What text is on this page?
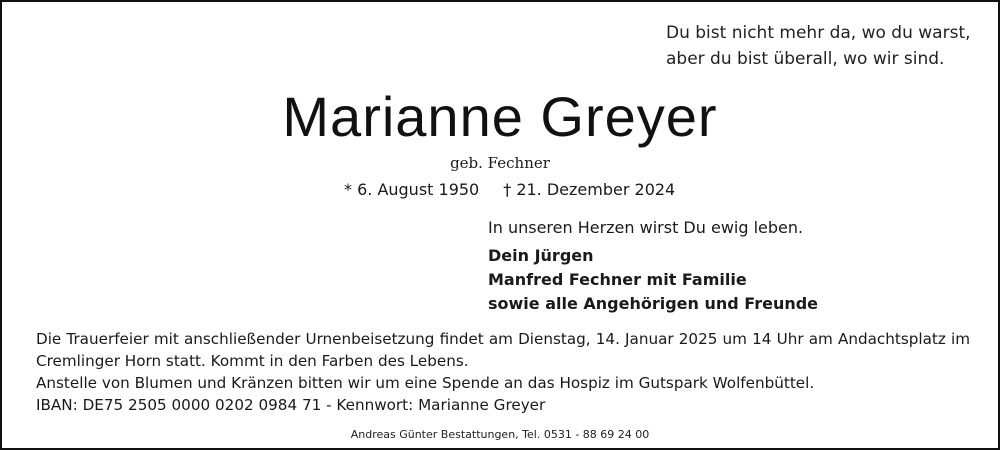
Du bist nicht mehr da, wo du warst,
aber du bist überall, wo wir sind.
Marianne Greyer
geb. Fechner
* 6. August 1950 † 21. Dezember 2024
In unseren Herzen wirst Du ewig leben.
Dein Jürgen
Manfred Fechner mit Familie
sowie alle Angehörigen und Freunde
Die Trauerfeier mit anschließender Urnenbeisetzung findet am Dienstag, 14. Januar 2025 um 14 Uhr am Andachtsplatz im Cremlinger Horn statt. Kommt in den Farben des Lebens.
Anstelle von Blumen und Kränzen bitten wir um eine Spende an das Hospiz im Gutspark Wolfenbüttel.
IBAN: DE75 2505 0000 0202 0984 71 - Kennwort: Marianne Greyer
Andreas Günter Bestattungen, Tel. 0531 - 88 69 24 00
